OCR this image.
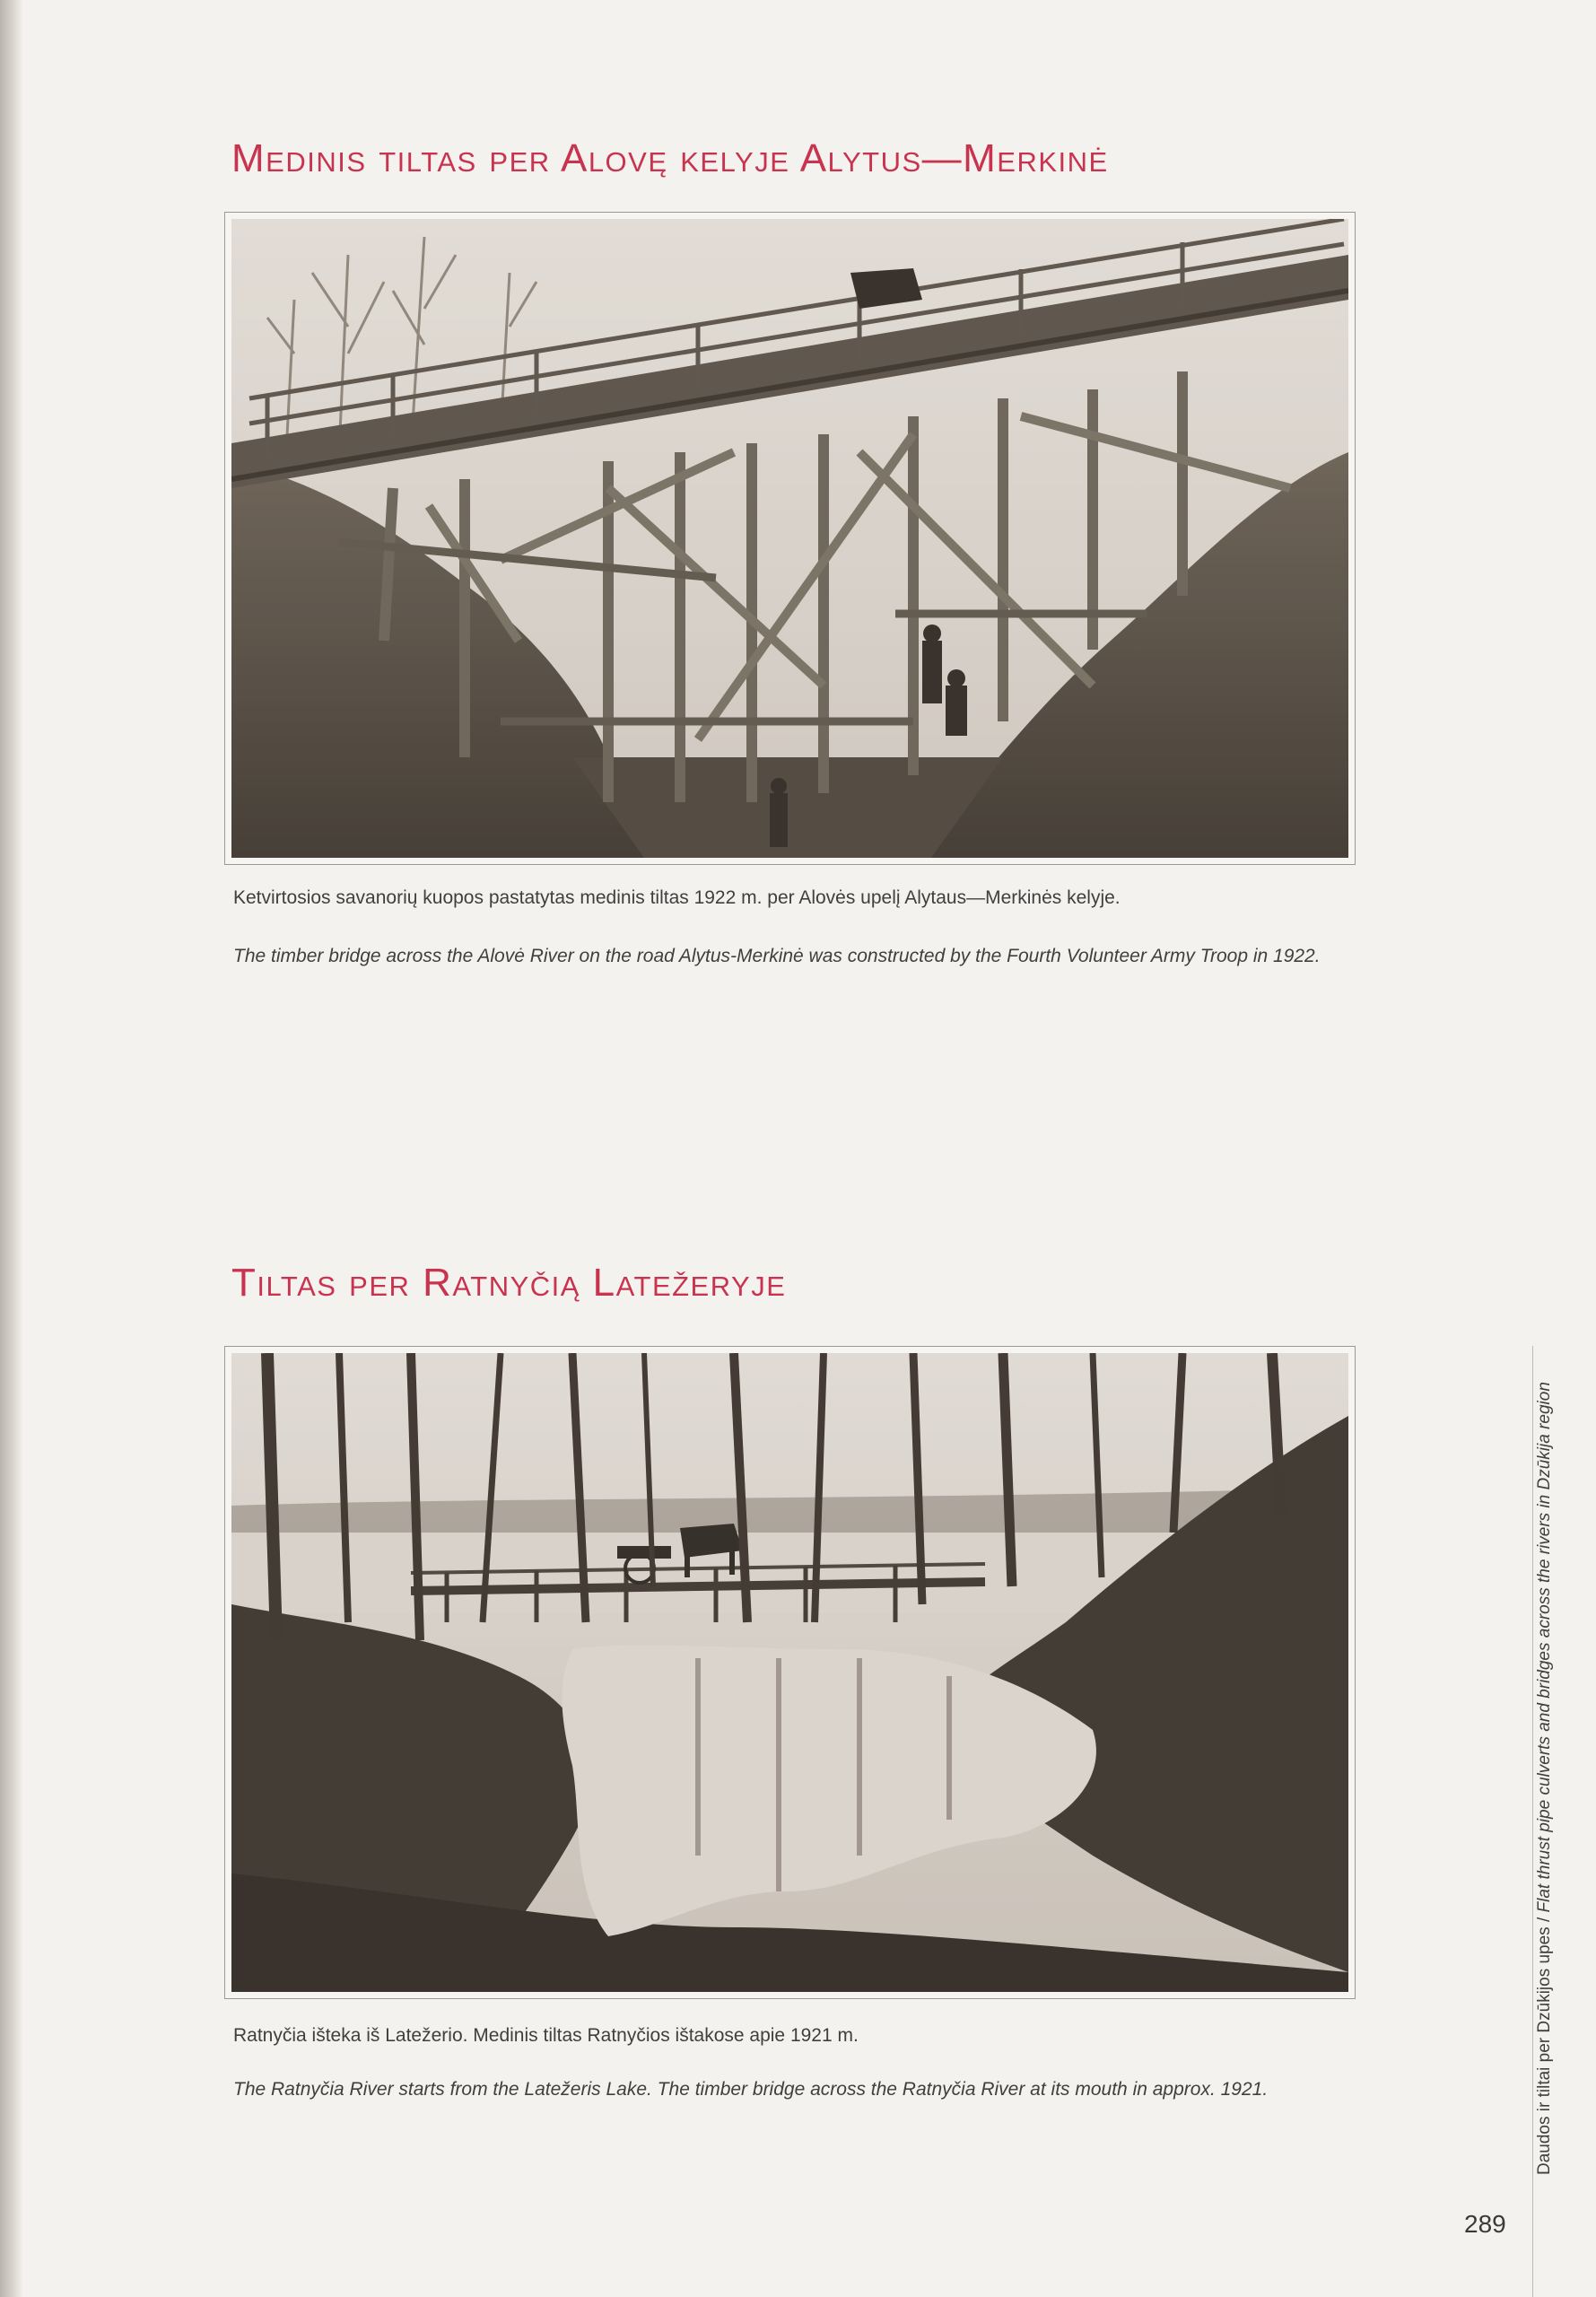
Medinis tiltas per Alovę kelyje Alytus—Merkinė

Ketvirtosios savanorių kuopos pastatytas medinis tiltas 1922 m. per Alovės upelį Alytaus—Merkinės kelyje.

The timber bridge across the Alovė River on the road Alytus-Merkinė was constructed by the Fourth Volunteer Army Troop in 1922.

Tiltas per Ratnyčią Latežeryje

Ratnyčia išteka iš Latežerio. Medinis tiltas Ratnyčios ištakose apie 1921 m.

The Ratnyčia River starts from the Latežeris Lake. The timber bridge across the Ratnyčia River at its mouth in approx. 1921.	Daudos ir tiltai per Dzūkijos upes / Flat thrust pipe culverts and bridges across the rivers in Dzūkija region
289
